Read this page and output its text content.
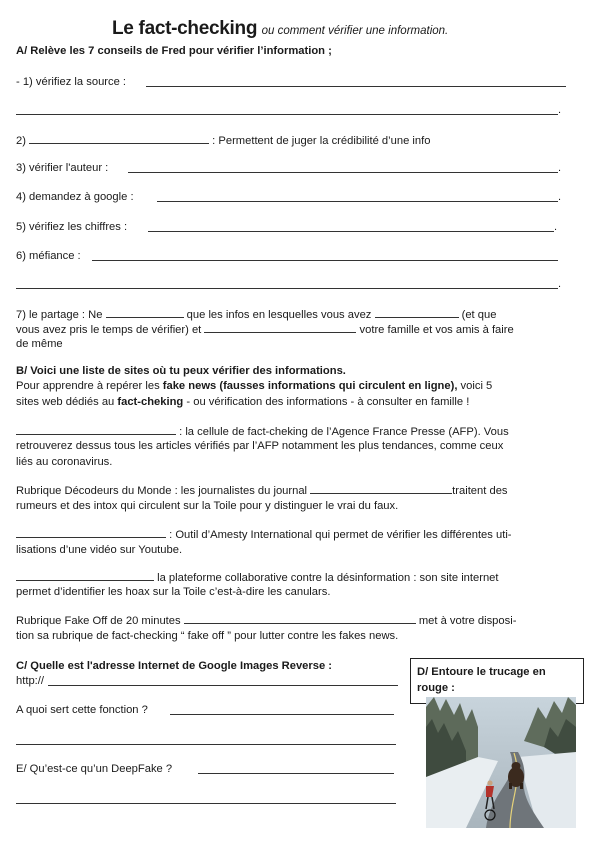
Le fact-checking ou comment vérifier une information.
A/ Relève les 7 conseils de Fred pour vérifier l’information ;
- 1) vérifiez la source :
.
2)	: Permettent de juger la crédibilité d’une info
3) vérifier l'auteur :	.
4) demandez à google :	.
5) vérifiez les chiffres :	.
6) méfiance :
.
7) le partage : Ne	que les infos en lesquelles vous avez	(et que
vous avez pris le temps de vérifier) et	votre famille et vos amis à faire
de même
B/ Voici une liste de sites où tu peux vérifier des informations.
Pour apprendre à repérer les fake news (fausses informations qui circulent en ligne), voici 5
sites web dédiés au fact-cheking - ou vérification des informations - à consulter en famille !
: la cellule de fact-cheking de l’Agence France Presse (AFP). Vous
retrouverez dessus tous les articles vérifiés par l’AFP notamment les plus tendances, comme ceux
liés au coronavirus.
Rubrique Décodeurs du Monde : les journalistes du journal	traitent des
rumeurs et des intox qui circulent sur la Toile pour y distinguer le vrai du faux.
: Outil d’Amesty International qui permet de vérifier les différentes uti-
lisations d’une vidéo sur Youtube.
la plateforme collaborative contre la désinformation : son site internet
permet d’identifier les hoax sur la Toile c’est-à-dire les canulars.
Rubrique Fake Off de 20 minutes	met à votre disposi-
tion sa rubrique de fact-checking “ fake off ” pour lutter contre les fakes news.
C/ Quelle est l'adresse Internet de Google Images Reverse :
http://
A quoi sert cette fonction ?
E/ Qu’est-ce qu’un DeepFake ?
D/ Entoure le trucage en rouge :
